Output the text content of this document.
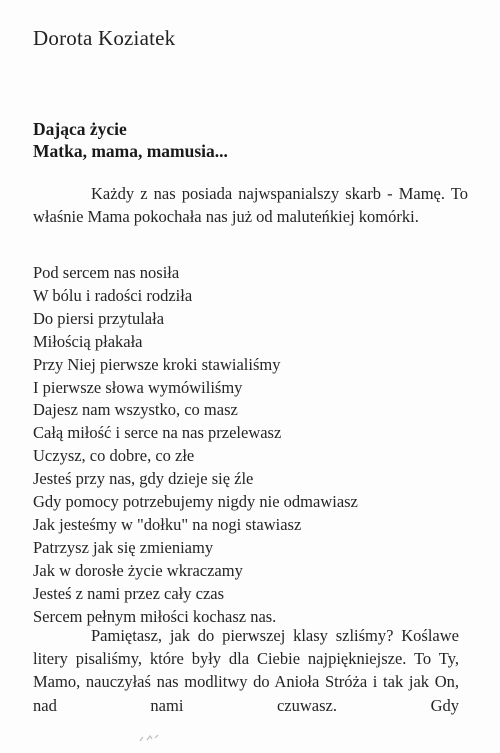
Dorota Koziatek
Dająca życie
Matka, mama, mamusia...

Każdy z nas posiada najwspanialszy skarb - Mamę. To właśnie Mama pokochała nas już od maluteńkiej komórki.

Pod sercem nas nosiła
W bólu i radości rodziła
Do piersi przytulała
Miłością płakała
Przy Niej pierwsze kroki stawialiśmy
I pierwsze słowa wymówiliśmy
Dajesz nam wszystko, co masz
Całą miłość i serce na nas przelewasz
Uczysz, co dobre, co złe
Jesteś przy nas, gdy dzieje się źle
Gdy pomocy potrzebujemy nigdy nie odmawiasz
Jak jesteśmy w "dołku" na nogi stawiasz
Patrzysz jak się zmieniamy
Jak w dorosłe życie wkraczamy
Jesteś z nami przez cały czas
Sercem pełnym miłości kochasz nas.

Pamiętasz, jak do pierwszej klasy szliśmy? Koślawe litery pisaliśmy, które były dla Ciebie najpiękniejsze. To Ty, Mamo, nauczyłaś nas modlitwy do Anioła Stróża i tak jak On, nad nami czuwasz. Gdy
